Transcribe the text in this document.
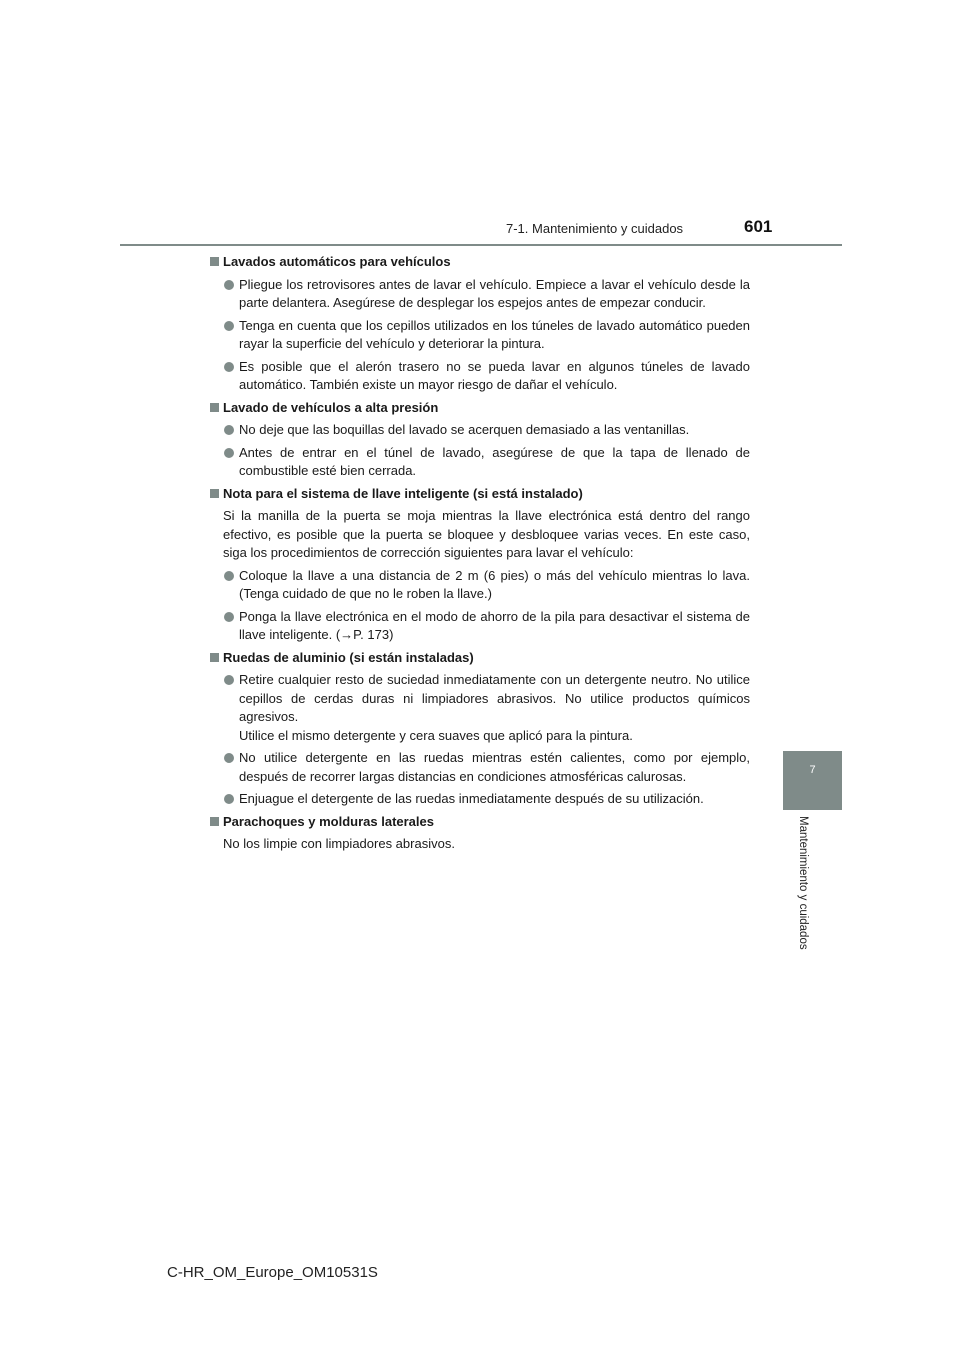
7-1. Mantenimiento y cuidados	601
7
Mantenimiento y cuidados
Lavados automáticos para vehículos
Pliegue los retrovisores antes de lavar el vehículo. Empiece a lavar el vehículo desde la parte delantera. Asegúrese de desplegar los espejos antes de empezar conducir.
Tenga en cuenta que los cepillos utilizados en los túneles de lavado automático pueden rayar la superficie del vehículo y deteriorar la pintura.
Es posible que el alerón trasero no se pueda lavar en algunos túneles de lavado automático. También existe un mayor riesgo de dañar el vehículo.
Lavado de vehículos a alta presión
No deje que las boquillas del lavado se acerquen demasiado a las ventanillas.
Antes de entrar en el túnel de lavado, asegúrese de que la tapa de llenado de combustible esté bien cerrada.
Nota para el sistema de llave inteligente (si está instalado)
Si la manilla de la puerta se moja mientras la llave electrónica está dentro del rango efectivo, es posible que la puerta se bloquee y desbloquee varias veces. En este caso, siga los procedimientos de corrección siguientes para lavar el vehículo:
Coloque la llave a una distancia de 2 m (6 pies) o más del vehículo mientras lo lava. (Tenga cuidado de que no le roben la llave.)
Ponga la llave electrónica en el modo de ahorro de la pila para desactivar el sistema de llave inteligente. (→P. 173)
Ruedas de aluminio (si están instaladas)
Retire cualquier resto de suciedad inmediatamente con un detergente neutro. No utilice cepillos de cerdas duras ni limpiadores abrasivos. No utilice productos químicos agresivos.
Utilice el mismo detergente y cera suaves que aplicó para la pintura.
No utilice detergente en las ruedas mientras estén calientes, como por ejemplo, después de recorrer largas distancias en condiciones atmosféricas calurosas.
Enjuague el detergente de las ruedas inmediatamente después de su utilización.
Parachoques y molduras laterales
No los limpie con limpiadores abrasivos.
C-HR_OM_Europe_OM10531S
